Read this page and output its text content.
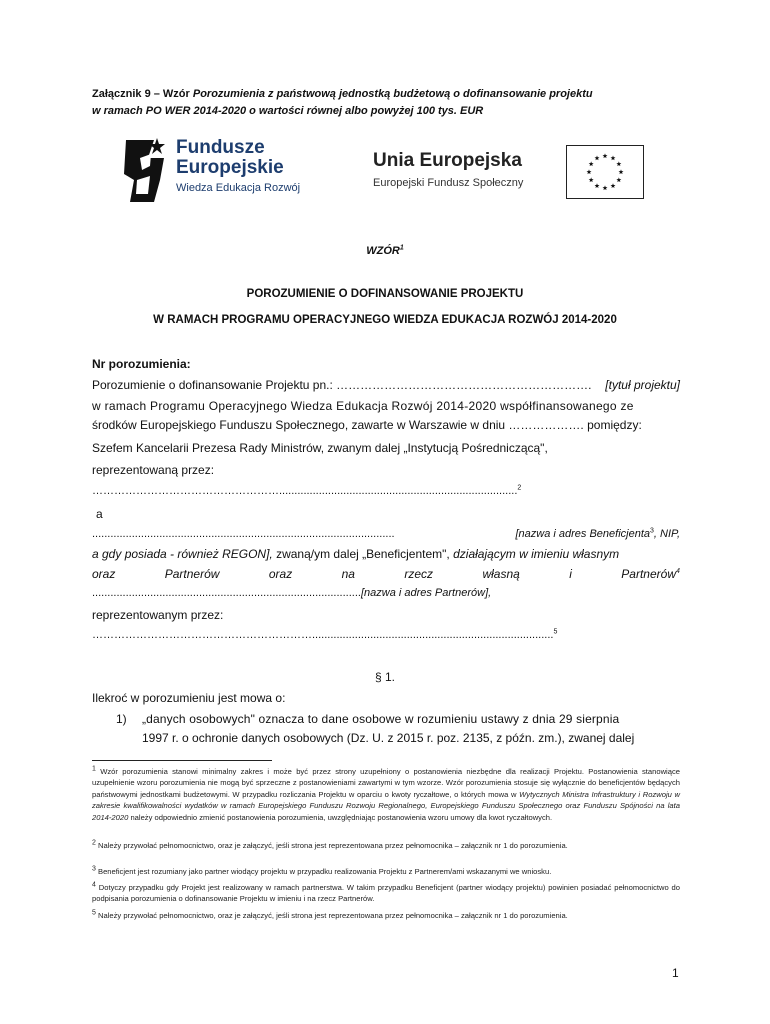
Załącznik 9 – Wzór Porozumienia z państwową jednostką budżetową o dofinansowanie projektu
w ramach PO WER 2014-2020 o wartości równej albo powyżej 100 tys. EUR
Fundusze
Europejskie
Wiedza Edukacja Rozwój
Unia Europejska
Europejski Fundusz Społeczny
WZÓR$^1$
POROZUMIENIE O DOFINANSOWANIE PROJEKTU
W RAMACH PROGRAMU OPERACYJNEGO WIEDZA EDUKACJA ROZWÓJ 2014-2020
Nr porozumienia:
Porozumienie o dofinansowanie Projektu pn.: ………………………………………………………. [tytuł projektu]
w ramach Programu Operacyjnego Wiedza Edukacja Rozwój 2014-2020 współfinansowanego ze
środków Europejskiego Funduszu Społecznego, zawarte w Warszawie w dniu ………………. pomiędzy:
Szefem Kancelarii Prezesa Rady Ministrów, zwanym dalej „Instytucją Pośredniczącą",
reprezentowaną przez:
……………………………………………..............................................................................$^2$
a
...................................................................................................	[nazwa i adres Beneficjenta$^3$, NIP,
a gdy posiada - również REGON], zwaną/ym dalej „Beneficjentem", działającym w imieniu własnym
oraz	Partnerów	oraz	na	rzecz	własną	i	Partnerów$^4$
........................................................................................[nazwa i adres Partnerów],
reprezentowanym przez:
……………………………………………………...............................................................................$^5$
§ 1.
Ilekroć w porozumieniu jest mowa o:
1)	„danych osobowych" oznacza to dane osobowe w rozumieniu ustawy z dnia 29 sierpnia
1997 r. o ochronie danych osobowych (Dz. U. z 2015 r. poz. 2135, z późn. zm.), zwanej dalej
$^1$ Wzór porozumienia stanowi minimalny zakres i może być przez strony uzupełniony o postanowienia niezbędne dla realizacji Projektu. Postanowienia stanowiące uzupełnienie wzoru porozumienia nie mogą być sprzeczne z postanowieniami zawartymi w tym wzorze. Wzór porozumienia stosuje się wyłącznie do beneficjentów będących państwowymi jednostkami budżetowymi. W przypadku rozliczania Projektu w oparciu o kwoty ryczałtowe, o których mowa w Wytycznych Ministra Infrastruktury i Rozwoju w zakresie kwalifikowalności wydatków w ramach Europejskiego Funduszu Rozwoju Regionalnego, Europejskiego Funduszu Społecznego oraz Funduszu Spójności na lata 2014-2020 należy odpowiednio zmienić postanowienia porozumienia, uwzględniając postanowienia wzoru umowy dla kwot ryczałtowych.
$^2$ Należy przywołać pełnomocnictwo, oraz je załączyć, jeśli strona jest reprezentowana przez pełnomocnika – załącznik nr 1 do porozumienia.
$^3$ Beneficjent jest rozumiany jako partner wiodący projektu w przypadku realizowania Projektu z Partnerem/ami wskazanymi we wniosku.
$^4$ Dotyczy przypadku gdy Projekt jest realizowany w ramach partnerstwa. W takim przypadku Beneficjent (partner wiodący projektu) powinien posiadać pełnomocnictwo do podpisania porozumienia o dofinansowanie Projektu w imieniu i na rzecz Partnerów.
$^5$ Należy przywołać pełnomocnictwo, oraz je załączyć, jeśli strona jest reprezentowana przez pełnomocnika – załącznik nr 1 do porozumienia.
1
